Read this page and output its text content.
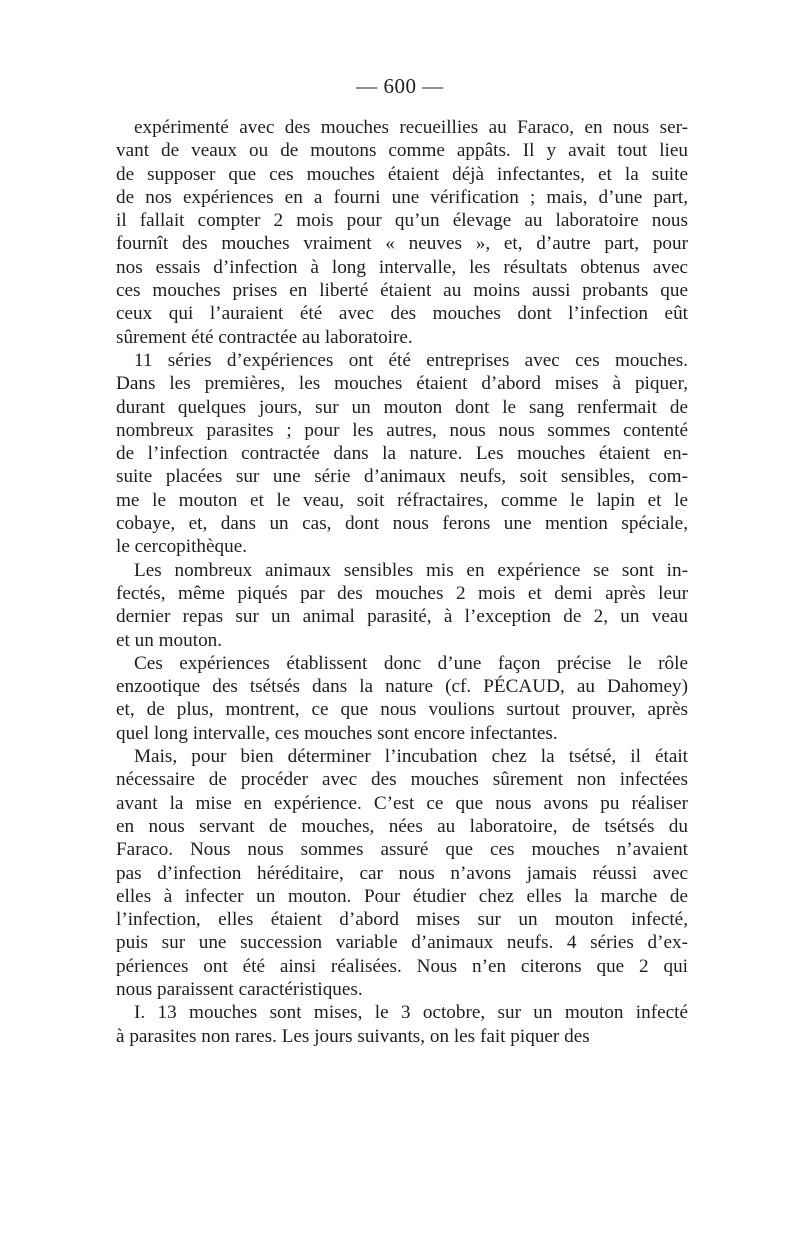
— 600 —

expérimenté avec des mouches recueillies au Faraco, en nous ser-
vant de veaux ou de moutons comme appâts. Il y avait tout lieu
de supposer que ces mouches étaient déjà infectantes, et la suite
de nos expériences en a fourni une vérification ; mais, d’une part,
il fallait compter 2 mois pour qu’un élevage au laboratoire nous
fournît des mouches vraiment « neuves », et, d’autre part, pour
nos essais d’infection à long intervalle, les résultats obtenus avec
ces mouches prises en liberté étaient au moins aussi probants que
ceux qui l’auraient été avec des mouches dont l’infection eût
sûrement été contractée au laboratoire.

11 séries d’expériences ont été entreprises avec ces mouches.
Dans les premières, les mouches étaient d’abord mises à piquer,
durant quelques jours, sur un mouton dont le sang renfermait de
nombreux parasites ; pour les autres, nous nous sommes contenté
de l’infection contractée dans la nature. Les mouches étaient en-
suite placées sur une série d’animaux neufs, soit sensibles, com-
me le mouton et le veau, soit réfractaires, comme le lapin et le
cobaye, et, dans un cas, dont nous ferons une mention spéciale,
le cercopithèque.

Les nombreux animaux sensibles mis en expérience se sont in-
fectés, même piqués par des mouches 2 mois et demi après leur
dernier repas sur un animal parasité, à l’exception de 2, un veau
et un mouton.

Ces expériences établissent donc d’une façon précise le rôle
enzootique des tsétsés dans la nature (cf. PÉCAUD, au Dahomey)
et, de plus, montrent, ce que nous voulions surtout prouver, après
quel long intervalle, ces mouches sont encore infectantes.

Mais, pour bien déterminer l’incubation chez la tsétsé, il était
nécessaire de procéder avec des mouches sûrement non infectées
avant la mise en expérience. C’est ce que nous avons pu réaliser
en nous servant de mouches, nées au laboratoire, de tsétsés du
Faraco. Nous nous sommes assuré que ces mouches n’avaient
pas d’infection héréditaire, car nous n’avons jamais réussi avec
elles à infecter un mouton. Pour étudier chez elles la marche de
l’infection, elles étaient d’abord mises sur un mouton infecté,
puis sur une succession variable d’animaux neufs. 4 séries d’ex-
périences ont été ainsi réalisées. Nous n’en citerons que 2 qui
nous paraissent caractéristiques.

I. 13 mouches sont mises, le 3 octobre, sur un mouton infecté
à parasites non rares. Les jours suivants, on les fait piquer des
